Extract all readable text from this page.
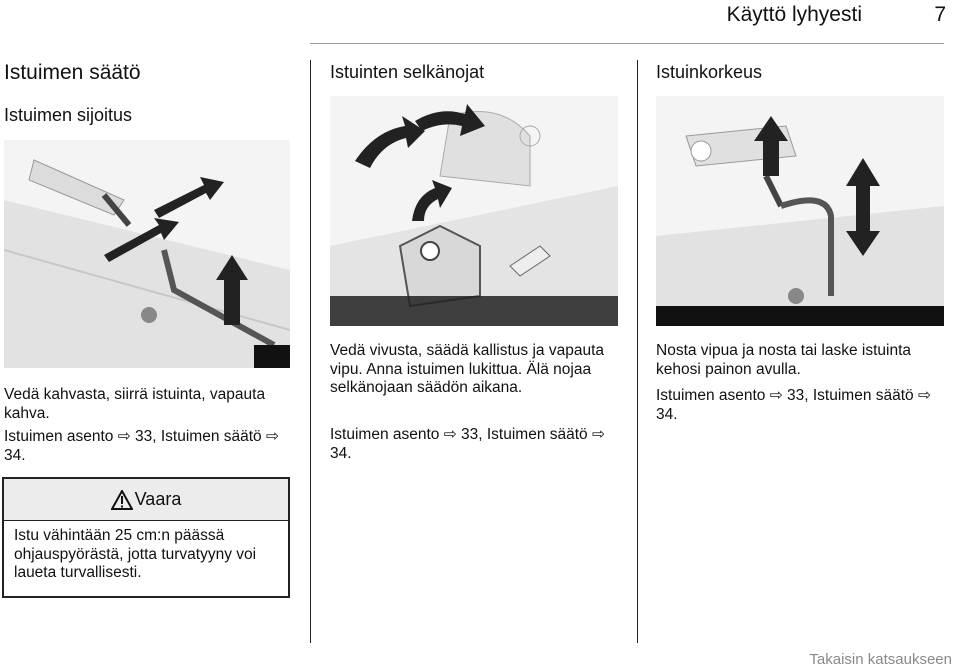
Käyttö lyhyesti	7
Istuimen säätö
Istuimen sijoitus
Vedä kahvasta, siirrä istuinta, vapauta kahva.
Istuimen asento ⇨ 33, Istuimen säätö ⇨ 34.
Vaara
Istu vähintään 25 cm:n päässä ohjauspyörästä, jotta turvatyyny voi laueta turvallisesti.
Istuinten selkänojat
Vedä vivusta, säädä kallistus ja vapauta vipu. Anna istuimen lukittua. Älä nojaa selkänojaan säädön aikana.
Istuimen asento ⇨ 33, Istuimen säätö ⇨ 34.
Istuinkorkeus
Nosta vipua ja nosta tai laske istuinta kehosi painon avulla.
Istuimen asento ⇨ 33, Istuimen säätö ⇨ 34.
Takaisin katsaukseen
